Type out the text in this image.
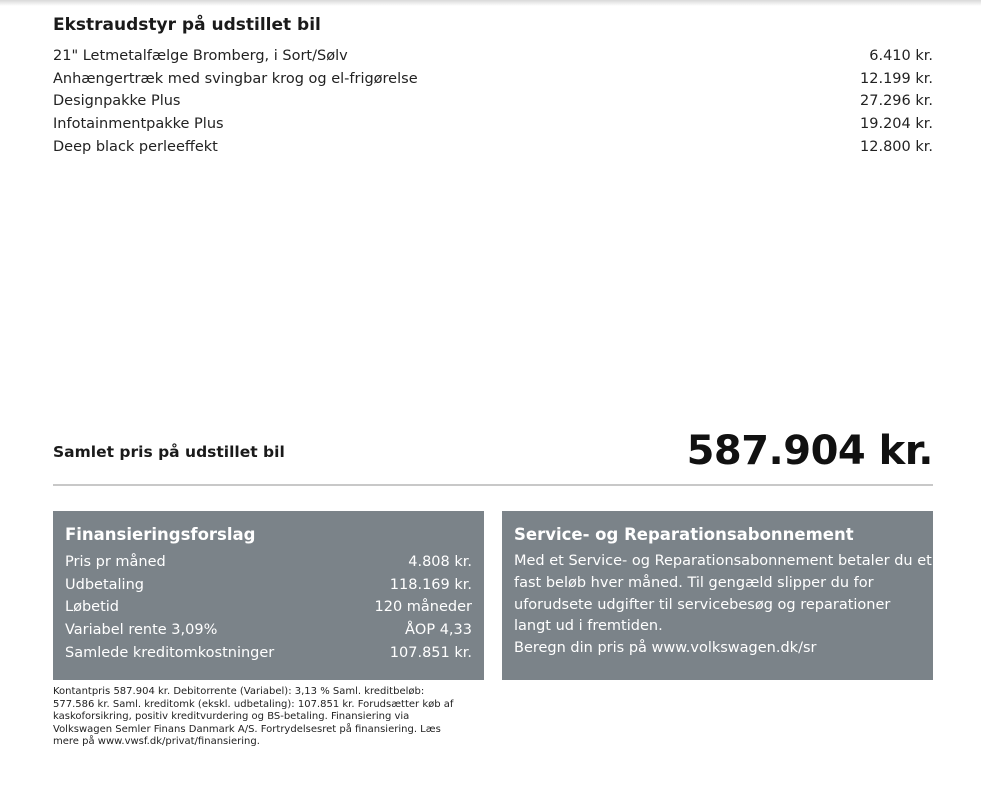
Ekstraudstyr på udstillet bil
21" Letmetalfælge Bromberg, i Sort/Sølv	6.410 kr.
Anhængertræk med svingbar krog og el-frigørelse	12.199 kr.
Designpakke Plus	27.296 kr.
Infotainmentpakke Plus	19.204 kr.
Deep black perleeffekt	12.800 kr.
Samlet pris på udstillet bil	587.904 kr.
Finansieringsforslag
Pris pr måned	4.808 kr.
Udbetaling	118.169 kr.
Løbetid	120 måneder
Variabel rente 3,09%	ÅOP 4,33
Samlede kreditomkostninger	107.851 kr.
Service- og Reparationsabonnement
Med et Service- og Reparationsabonnement betaler du et
fast beløb hver måned. Til gengæld slipper du for
uforudsete udgifter til servicebesøg og reparationer
langt ud i fremtiden.
Beregn din pris på www.volkswagen.dk/sr
Kontantpris 587.904 kr. Debitorrente (Variabel): 3,13 % Saml. kreditbeløb:
577.586 kr. Saml. kreditomk (ekskl. udbetaling): 107.851 kr. Forudsætter køb af
kaskoforsikring, positiv kreditvurdering og BS-betaling. Finansiering via
Volkswagen Semler Finans Danmark A/S. Fortrydelsesret på finansiering. Læs
mere på www.vwsf.dk/privat/finansiering.
